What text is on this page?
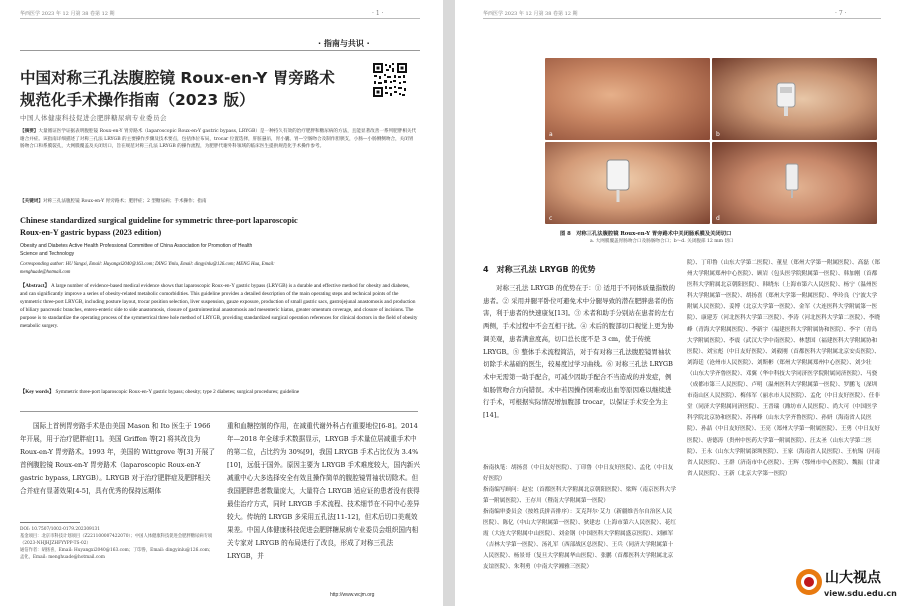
华西医学 2023 年 12 月第 38 卷第 12 期	· 1 ·
· 指南与共识 ·
中国对称三孔法腹腔镜 Roux-en-Y 胃旁路术
规范化手术操作指南（2023 版）
中国人体健康科技促进会肥胖糖尿病专业委员会
【摘要】大量循证医学证据表明腹腔镜 Roux-en-Y 胃旁路术（laparoscopic Roux-en-Y gastric bypass, LRYGB）是一种持久有效的治疗肥胖和糖尿病的方法，且能显著改善一系列肥胖相关代谢合并症。该指南详细描述了对称三孔法 LRYGB 的主要操作步骤及技术要点，包括体位布局，trocar 位置选择，肝脏悬吊，胃小囊、胃—空肠吻合及制作胆胰支，小肠—小肠侧侧吻合，关闭胃肠吻合口和系膜裂孔，大网膜覆盖及关闭切口，旨在规范对称三孔法 LRYGB 的操作流程，为肥胖代谢外科领域的临床医生提供规范化手术操作参考。
【关键词】对称三孔法腹腔镜 Roux-en-Y 胃旁路术；肥胖症；2 型糖尿病；手术操作；指南
Chinese standardized surgical guideline for symmetric three-port laparoscopic
Roux-en-Y gastric bypass (2023 edition)
Obesity and Diabetes Active Health Professional Committee of China Association for Promotion of Health
Science and Technology
Corresponding author: HU Yangxi, Email: Huyangxi2040@163.com; DING Yinlu, Email: dingyinlu@126.com; MENG Hua, Email:
menghuade@hotmail.com
【Abstract】 A large number of evidence-based medical evidence shows that laparoscopic Roux-en-Y gastric bypass (LRYGB) is a durable and effective method for obesity and diabetes, and can significantly improve a series of obesity-related metabolic comorbidities. This guideline provides a detailed description of the main operating steps and technical points of the symmetric three-port LRYGB, including posture layout, trocar position selection, liver suspension, gauze exposure, production of small gastric sacs, gastrojejunal anastomosis and production of biliary pancreatic branches, entero-enteric side to side anastomosis, closure of gastrointestinal anastomosis and mesenteric hiatus, greater omentum coverage, and closure of incisions. The purpose is to standardize the operating process of the symmetrical three hole method of LRYGB, providing standardized surgical operation references for clinical doctors in the field of obesity metabolic surgery.
【Key words】 Symmetric three-port laparoscopic Roux-en-Y gastric bypass; obesity; type 2 diabetes; surgical procedures; guideline
国际上首例胃旁路手术是由美国 Mason 和 Ito 医生于 1966 年开展，用于治疗肥胖症[1]。美国 Griffen 等[2] 将其改良为 Roux-en-Y 胃旁路术。1993 年，美国的 Wittgrove 等[3] 开展了首例腹腔镜 Roux-en-Y 胃旁路术（laparoscopic Roux-en-Y gastric bypass, LRYGB）。LRYGB 对于治疗肥胖症及肥胖相关合并症有显著效果[4-5]，具有优秀的保持远期体
重和血糖控制的作用，在减重代谢外科占有重要地位[6-8]。2014 年—2018 年全球手术数据显示，LRYGB 手术量位居减重手术中的第二位，占比约为 30%[9]，我国 LRYGB 手术占比仅为 3.4%[10]，远低于国外。原因主要为 LRYGB 手术难度较大，国内新兴减重中心大多选择安全有效且操作简单的腹腔镜胃袖状切除术。但我国肥胖患者数量庞大，大量符合 LRYGB 适应证的患者没有获得最佳治疗方式，同时 LRYGB 手术流程、技术细节在不同中心差异较大。传统的 LRYGB 多采用五孔法[11-12]，但术后切口美观效果差。中国人体健康科技促进会肥胖糖尿病专业委员会组织国内相关专家对 LRYGB 的布局进行了改良，形成了对称三孔法 LRYGB，并
DOI: 10.7507/1002-0179.202309131
基金项目：北京市科技计划项目（Z221100007422070）；中国人体健康科技促进会肥胖糖尿病专项（2023-NHJHJZHFYYPP-TS-02）
通信作者：胡扬喜，Email: Huyangxi2040@163.com；丁印鲁，Email: dingyinlu@126.com；孟化，Email: menghuade@hotmail.com
http://www.wcjm.org
华西医学 2023 年 12 月第 38 卷第 12 期	· 7 ·
a	b
c	d
图 8　对称三孔法腹腔镜 Roux-en-Y 胃旁路术中关闭肠系膜及关闭切口
a. 大网膜覆盖胃肠吻合口及肠肠吻合口；b～d. 关闭腹部 12 mm 切口
4　对称三孔法 LRYGB 的优势
对称三孔法 LRYGB 的优势在于：① 适用于不同体质量指数的患者。② 采用并腿平卧位可避免术中分腿导致的潜在肥胖患者的伤害，利于患者的快速康复[13]。③ 术者和助手分别站在患者的左右两侧，手术过程中不会互相干扰。④ 术后的腹部切口视觉上更为协调美观，患者满意度高，切口总长度不是 3 cm，优于传统 LRYGB。⑤ 整体手术流程简洁，对于有对称三孔法腹腔镜胃袖状切除手术基础的医生，较易度过学习曲线。⑥ 对称三孔法 LRYGB 术中无需第一助手配合，可减少因助手配合不当造成的并发症，例如肠管吻合方向错误。术中若因操作困难或出血等原因难以继续进行手术，可根据实际情况增加腹部 trocar，以保证手术安全为主[14]。
指南执笔：胡扬喜（中日友好医院）、丁印鲁（中日友好医院）、孟化（中日友好医院）
指南编写顾问：赵宏（首都医科大学附属北京朝阳医院）、梁辉（南京医科大学第一附属医院）、王存川（暨南大学附属第一医院）
指南编审委员会（按姓氏拼音排序）：艾克拜尔·艾力（新疆维吾尔自治区人民医院）、陈亿（中山大学附属第一医院）、狄建忠（上海市第六人民医院）、花红霞（大连大学附属中山医院）、刘金钢（中国医科大学附属盛京医院）、刘雁军（吉林大学第一医院）、汤礼军（西部战区总医院）、王兵（同济大学附属第十人民医院）、杨景哥（复旦大学附属华山医院）、张鹏（首都医科大学附属北京友谊医院）、朱利勇（中南大学湘雅三医院）
院）、丁印鲁（山东大学第二医院）、董星（郑州大学第一附属医院）、高磊（郑州大学附属郑州中心医院）、顾岩（包头医学院附属第一医院）、韩加刚（首都医科大学附属北京朝阳医院）、韩晓东（上海市第六人民医院）、杨宁（温州医科大学附属第一医院）、胡扬喜（郑州大学第一附属医院）、华玲良（宁波大学附属人民医院）、姜博（北京大学第一医院）、金军（大连医科大学附属第一医院）、康建芳（河北医科大学第三医院）、李涛（河北医科大学第二医院）、李晓峰（青海大学附属医院）、李新宇（福建医科大学附属协和医院）、李宇（青岛大学附属医院）、李震（武汉大学中南医院）、林慧国（福建医科大学附属协和医院）、刘宝彪（中日友好医院）、刘毅刚（首都医科大学附属北京安贞医院）、刘海廷（沧州市人民医院）、刘斯彬（郑州大学附属郑州中心医院）、刘少壮（山东大学齐鲁医院）、邓翼（华中科技大学同济医学院附属同济医院）、马骁（成都市第三人民医院）、卢明（温州医科大学附属第一医院）、罗鹏飞（深圳市南山区人民医院）、梅伟军（丽水市人民医院）、孟化（中日友好医院）、任非堂（同济大学附属同济医院）、王晋瑞（潍坊市人民医院）、尚大可（中国医学科学院北京协和医院）、苏再峰（山东大学齐鲁医院）、孙妍（海南省人民医院）、孙喆（中日友好医院）、王亮（郑州大学第一附属医院）、王勇（中日友好医院）、唐德涛（贵州中医药大学第一附属医院）、汪太圣（山东大学第二医院）、王永（山东大学附属深圳医院）、王家（海南省人民医院）、王杭锡（河南省人民医院）、王群（济南市中心医院）、王辉（鄂州市中心医院）、魏振（甘肃省人民医院）、王新（北京大学第一医院）
山大视点
view.sdu.edu.cn
